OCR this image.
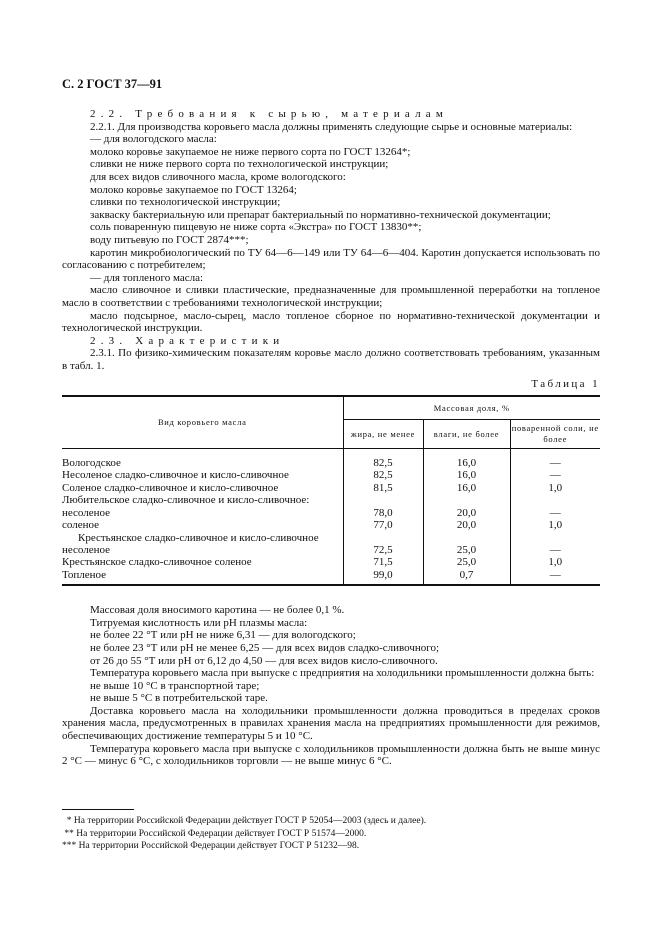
С. 2 ГОСТ 37—91

2.2. Требования к сырью, материалам

2.2.1. Для производства коровьего масла должны применять следующие сырье и основные материалы:

— для вологодского масла:

молоко коровье закупаемое не ниже первого сорта по ГОСТ 13264*;

сливки не ниже первого сорта по технологической инструкции;

для всех видов сливочного масла, кроме вологодского:

молоко коровье закупаемое по ГОСТ 13264;

сливки по технологической инструкции;

закваску бактериальную или препарат бактериальный по нормативно-технической документации;

соль поваренную пищевую не ниже сорта «Экстра» по ГОСТ 13830**;

воду питьевую по ГОСТ 2874***;

каротин микробиологический по ТУ 64—6—149 или ТУ 64—6—404. Каротин допускается использовать по согласованию с потребителем;

— для топленого масла:

масло сливочное и сливки пластические, предназначенные для промышленной переработки на топленое масло в соответствии с требованиями технологической инструкции;

масло подсырное, масло-сырец, масло топленое сборное по нормативно-технической документации и технологической инструкции.

2.3. Характеристики

2.3.1. По физико-химическим показателям коровье масло должно соответствовать требованиям, указанным в табл. 1.

Таблица 1
Вид коровьего масла	Массовая доля, %		
	жира, не менее	влаги, не более	поваренной соли, не более
Вологодское	82,5	16,0	—
Несоленое сладко-сливочное и кисло-сливочное	82,5	16,0	—
Соленое сладко-сливочное и кисло-сливочное	81,5	16,0	1,0
Любительское сладко-сливочное и кисло-сливочное:			
несоленое	78,0	20,0	—
соленое	77,0	20,0	1,0
Крестьянское сладко-сливочное и кисло-сливочное несоленое	72,5	25,0	—
Крестьянское сладко-сливочное соленое	71,5	25,0	1,0
Топленое	99,0	0,7	—

Массовая доля вносимого каротина — не более 0,1 %.

Титруемая кислотность или pH плазмы масла:

не более 22 °Т или pH не ниже 6,31 — для вологодского;

не более 23 °Т или pH не менее 6,25 — для всех видов сладко-сливочного;

от 26 до 55 °Т или pH от 6,12 до 4,50 — для всех видов кисло-сливочного.

Температура коровьего масла при выпуске с предприятия на холодильники промышленности должна быть:

не выше 10 °С в транспортной таре;

не выше 5 °С в потребительской таре.

Доставка коровьего масла на холодильники промышленности должна проводиться в пределах сроков хранения масла, предусмотренных в правилах хранения масла на предприятиях промышленности для режимов, обеспечивающих достижение температуры 5 и 10 °С.

Температура коровьего масла при выпуске с холодильников промышленности должна быть не выше минус 2 °С — минус 6 °С, с холодильников торговли — не выше минус 6 °С.

* На территории Российской Федерации действует ГОСТ Р 52054—2003 (здесь и далее).

** На территории Российской Федерации действует ГОСТ Р 51574—2000.

*** На территории Российской Федерации действует ГОСТ Р 51232—98.
